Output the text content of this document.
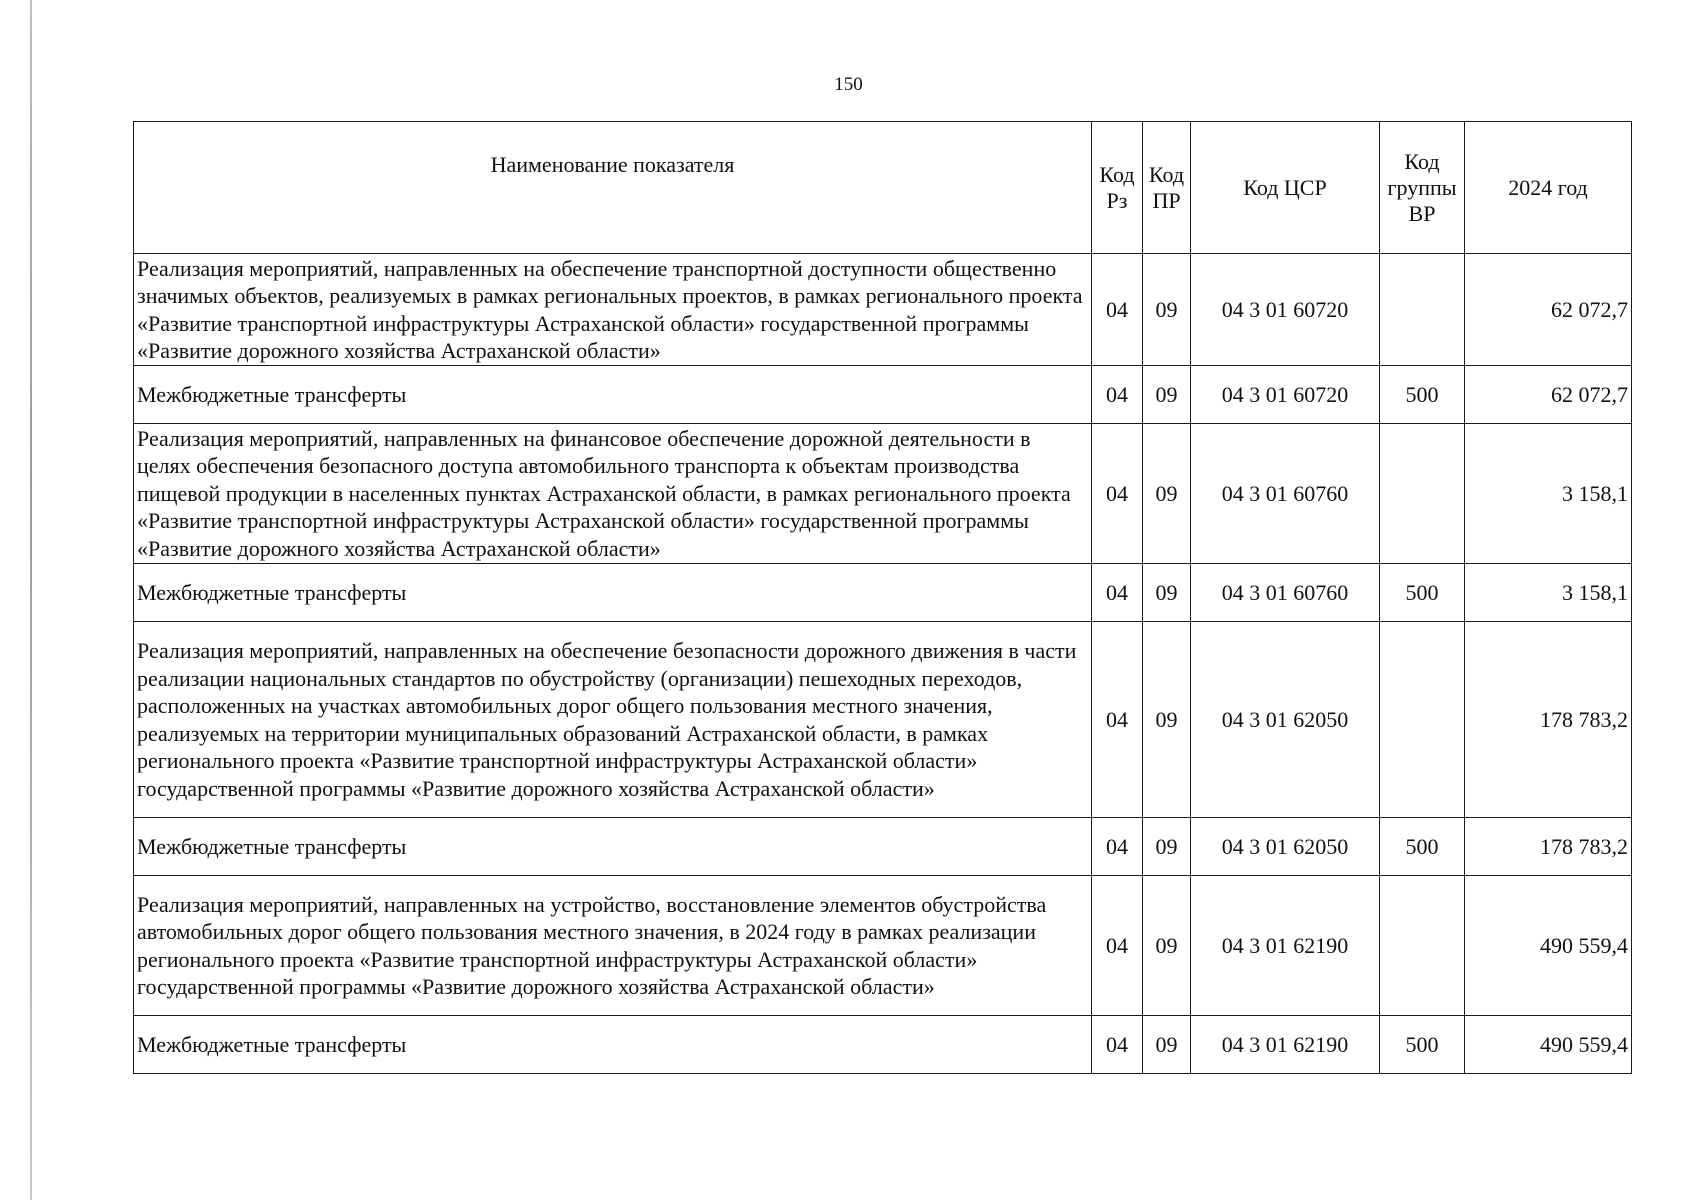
150
Наименование показателя	Код Рз	Код ПР	Код ЦСР	Код группы ВР	2024 год
Реализация мероприятий, направленных на обеспечение транспортной доступности общественно значимых объектов, реализуемых в рамках региональных проектов, в рамках регионального проекта «Развитие транспортной инфраструктуры Астраханской области» государственной программы «Развитие дорожного хозяйства Астраханской области»	04	09	04 3 01 60720		62 072,7
Межбюджетные трансферты	04	09	04 3 01 60720	500	62 072,7
Реализация мероприятий, направленных на финансовое обеспечение дорожной деятельности в целях обеспечения безопасного доступа автомобильного транспорта к объектам производства пищевой продукции в населенных пунктах Астраханской области, в рамках регионального проекта «Развитие транспортной инфраструктуры Астраханской области» государственной программы «Развитие дорожного хозяйства Астраханской области»	04	09	04 3 01 60760		3 158,1
Межбюджетные трансферты	04	09	04 3 01 60760	500	3 158,1
Реализация мероприятий, направленных на обеспечение безопасности дорожного движения в части реализации национальных стандартов по обустройству (организации) пешеходных переходов, расположенных на участках автомобильных дорог общего пользования местного значения, реализуемых на территории муниципальных образований Астраханской области, в рамках регионального проекта «Развитие транспортной инфраструктуры Астраханской области» государственной программы «Развитие дорожного хозяйства Астраханской области»	04	09	04 3 01 62050		178 783,2
Межбюджетные трансферты	04	09	04 3 01 62050	500	178 783,2
Реализация мероприятий, направленных на устройство, восстановление элементов обустройства автомобильных дорог общего пользования местного значения, в 2024 году в рамках реализации регионального проекта «Развитие транспортной инфраструктуры Астраханской области» государственной программы «Развитие дорожного хозяйства Астраханской области»	04	09	04 3 01 62190		490 559,4
Межбюджетные трансферты	04	09	04 3 01 62190	500	490 559,4
